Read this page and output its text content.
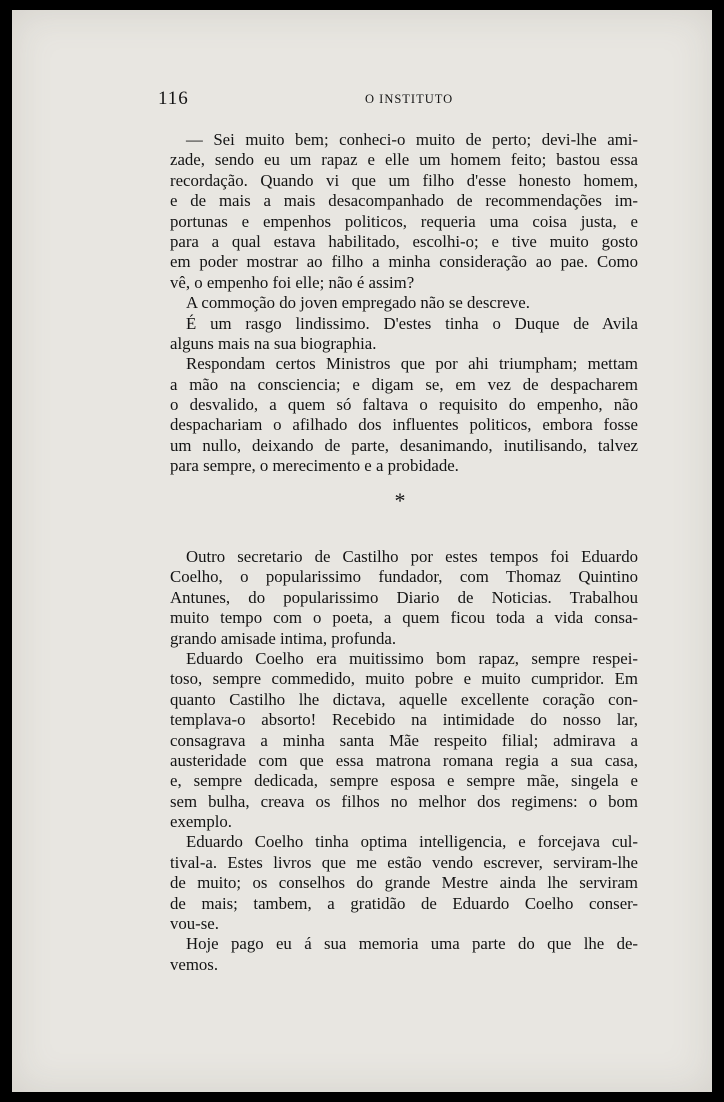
116	O INSTITUTO
— Sei muito bem; conheci-o muito de perto; devi-lhe ami-
zade, sendo eu um rapaz e elle um homem feito; bastou essa
recordação. Quando vi que um filho d'esse honesto homem,
e de mais a mais desacompanhado de recommendações im-
portunas e empenhos politicos, requeria uma coisa justa, e
para a qual estava habilitado, escolhi-o; e tive muito gosto
em poder mostrar ao filho a minha consideração ao pae. Como
vê, o empenho foi elle; não é assim?
A commoção do joven empregado não se descreve.
É um rasgo lindissimo. D'estes tinha o Duque de Avila
alguns mais na sua biographia.
Respondam certos Ministros que por ahi triumpham; mettam
a mão na consciencia; e digam se, em vez de despacharem
o desvalido, a quem só faltava o requisito do empenho, não
despachariam o afilhado dos influentes politicos, embora fosse
um nullo, deixando de parte, desanimando, inutilisando, talvez
para sempre, o merecimento e a probidade.
*
Outro secretario de Castilho por estes tempos foi Eduardo
Coelho, o popularissimo fundador, com Thomaz Quintino
Antunes, do popularissimo Diario de Noticias. Trabalhou
muito tempo com o poeta, a quem ficou toda a vida consa-
grando amisade intima, profunda.
Eduardo Coelho era muitissimo bom rapaz, sempre respei-
toso, sempre commedido, muito pobre e muito cumpridor. Em
quanto Castilho lhe dictava, aquelle excellente coração con-
templava-o absorto! Recebido na intimidade do nosso lar,
consagrava a minha santa Mãe respeito filial; admirava a
austeridade com que essa matrona romana regia a sua casa,
e, sempre dedicada, sempre esposa e sempre mãe, singela e
sem bulha, creava os filhos no melhor dos regimens: o bom
exemplo.
Eduardo Coelho tinha optima intelligencia, e forcejava cul-
tival-a. Estes livros que me estão vendo escrever, serviram-lhe
de muito; os conselhos do grande Mestre ainda lhe serviram
de mais; tambem, a gratidão de Eduardo Coelho conser-
vou-se.
Hoje pago eu á sua memoria uma parte do que lhe de-
vemos.
